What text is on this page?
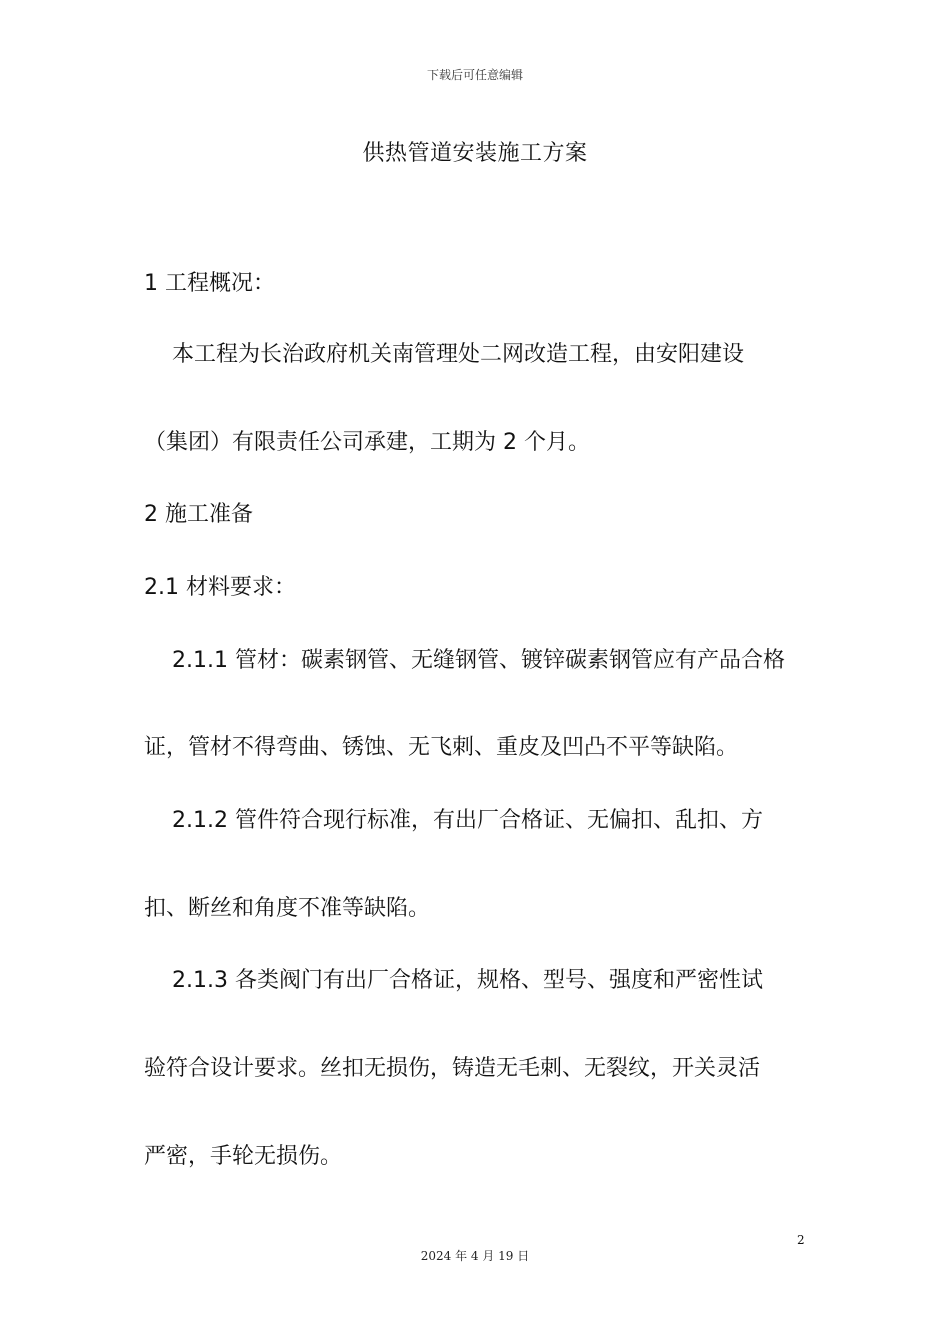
下载后可任意编辑
供热管道安装施工方案
1 工程概况：
本工程为长治政府机关南管理处二网改造工程，由安阳建设
（集团）有限责任公司承建，工期为 2 个月。
2 施工准备
2.1 材料要求：
2.1.1 管材：碳素钢管、无缝钢管、镀锌碳素钢管应有产品合格
证，管材不得弯曲、锈蚀、无飞刺、重皮及凹凸不平等缺陷。
2.1.2 管件符合现行标准，有出厂合格证、无偏扣、乱扣、方
扣、断丝和角度不准等缺陷。
2.1.3 各类阀门有出厂合格证，规格、型号、强度和严密性试
验符合设计要求。丝扣无损伤，铸造无毛刺、无裂纹，开关灵活
严密，手轮无损伤。
2
2024 年 4 月 19 日
